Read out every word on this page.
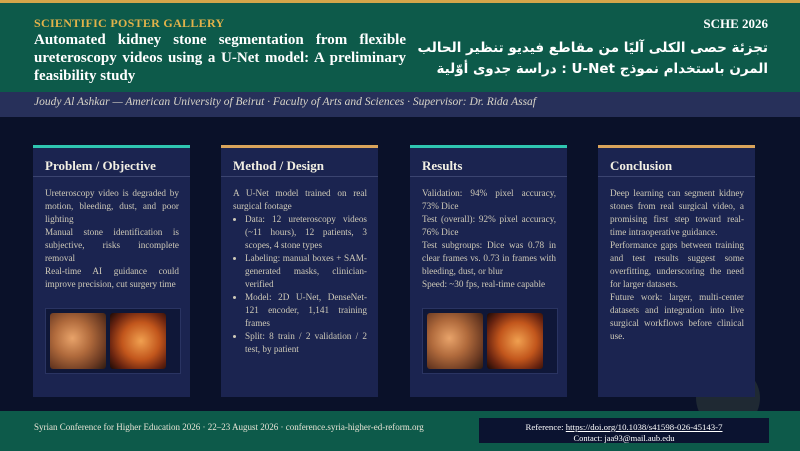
SCIENTIFIC POSTER GALLERY	SCHE 2026
Automated kidney stone segmentation from flexible ureteroscopy videos using a U-Net model: A preliminary feasibility study
تجزئة حصى الكلى آليًا من مقاطع فيديو تنظير الحالب المرن باستخدام نموذج U-Net : دراسة جدوى أوّلية
Joudy Al Ashkar — American University of Beirut · Faculty of Arts and Sciences · Supervisor: Dr. Rida Assaf
Problem / Objective

Ureteroscopy video is degraded by motion, bleeding, dust, and poor lighting

Manual stone identification is subjective, risks incomplete removal

Real-time AI guidance could improve precision, cut surgery time

Method / Design

A U-Net model trained on real surgical footage

• Data: 12 ureteroscopy videos (~11 hours), 12 patients, 3 scopes, 4 stone types
• Labeling: manual boxes + SAM-generated masks, clinician-verified
• Model: 2D U-Net, DenseNet-121 encoder, 1,141 training frames
• Split: 8 train / 2 validation / 2 test, by patient
Results

Validation: 94% pixel accuracy, 73% Dice

Test (overall): 92% pixel accuracy, 76% Dice

Test subgroups: Dice was 0.78 in clear frames vs. 0.73 in frames with bleeding, dust, or blur

Speed: ~30 fps, real-time capable

Conclusion

Deep learning can segment kidney stones from real surgical video, a promising first step toward real-time intraoperative guidance.

Performance gaps between training and test results suggest some overfitting, underscoring the need for larger datasets.

Future work: larger, multi-center datasets and integration into live surgical workflows before clinical use.

Syrian Conference for Higher Education 2026 · 22–23 August 2026 · conference.syria-higher-ed-reform.org	Reference: https://doi.org/10.1038/s41598-026-45143-7
Contact: jaa93@mail.aub.edu
